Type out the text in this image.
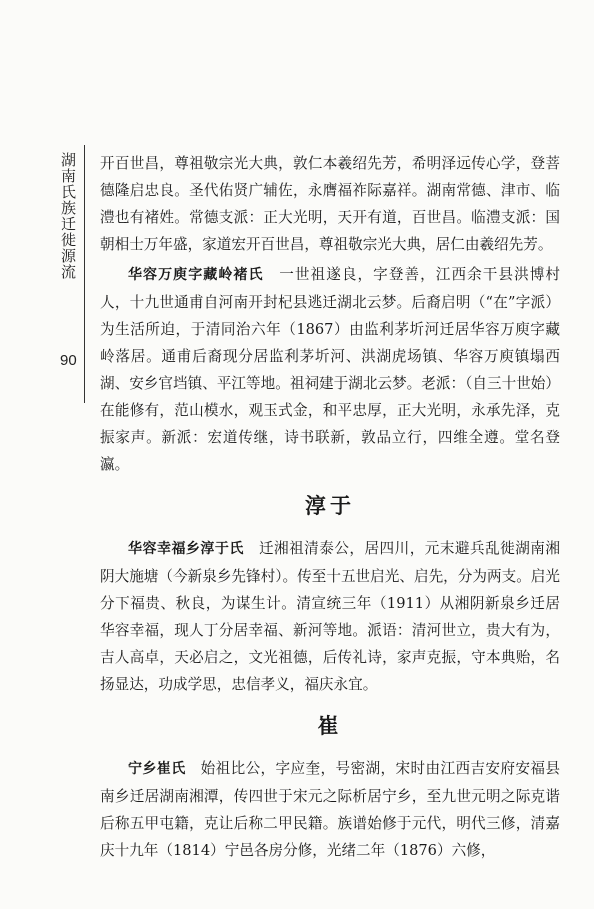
湖南氏族迁徙源流
90

开百世昌，尊祖敬宗光大典，敦仁本羲绍先芳，希明泽远传心学，登菩德隆启忠良。圣代佑贤广辅佐，永膺福祚际嘉祥。湖南常德、津市、临澧也有褚姓。常德支派：正大光明，天开有道，百世昌。临澧支派：国朝相士万年盛，家道宏开百世昌，尊祖敬宗光大典，居仁由羲绍先芳。

华容万庾字藏岭褚氏　 一世祖遂良，字登善，江西余干县洪博村人，十九世通甫自河南开封杞县逃迁湖北云梦。后裔启明（“在”字派）为生活所迫，于清同治六年（1867）由监利茅圻河迁居华容万庾字藏岭落居。通甫后裔现分居监利茅圻河、洪湖虎场镇、华容万庾镇塌西湖、安乡官垱镇、平江等地。祖祠建于湖北云梦。老派：（自三十世始）在能修有，范山模水，观玉式金，和平忠厚，正大光明，永承先泽，克振家声。新派：宏道传继，诗书联新，敦品立行，四维全遵。堂名登瀛。

淳于

华容幸福乡淳于氏　 迁湘祖清泰公，居四川，元末避兵乱徙湖南湘阴大施塘（今新泉乡先锋村）。传至十五世启光、启先，分为两支。启光分下福贵、秋良，为谋生计。清宣统三年（1911）从湘阴新泉乡迁居华容幸福，现人丁分居幸福、新河等地。派语：清河世立，贵大有为，吉人高卓，天必启之，文光祖德，后传礼诗，家声克振，守本典贻，名扬显达，功成学思，忠信孝义，福庆永宜。

崔

宁乡崔氏　 始祖比公，字应奎，号密湖，宋时由江西吉安府安福县南乡迁居湖南湘潭，传四世于宋元之际析居宁乡，至九世元明之际克谐后称五甲屯籍，克让后称二甲民籍。族谱始修于元代，明代三修，清嘉庆十九年（1814）宁邑各房分修，光绪二年（1876）六修，
